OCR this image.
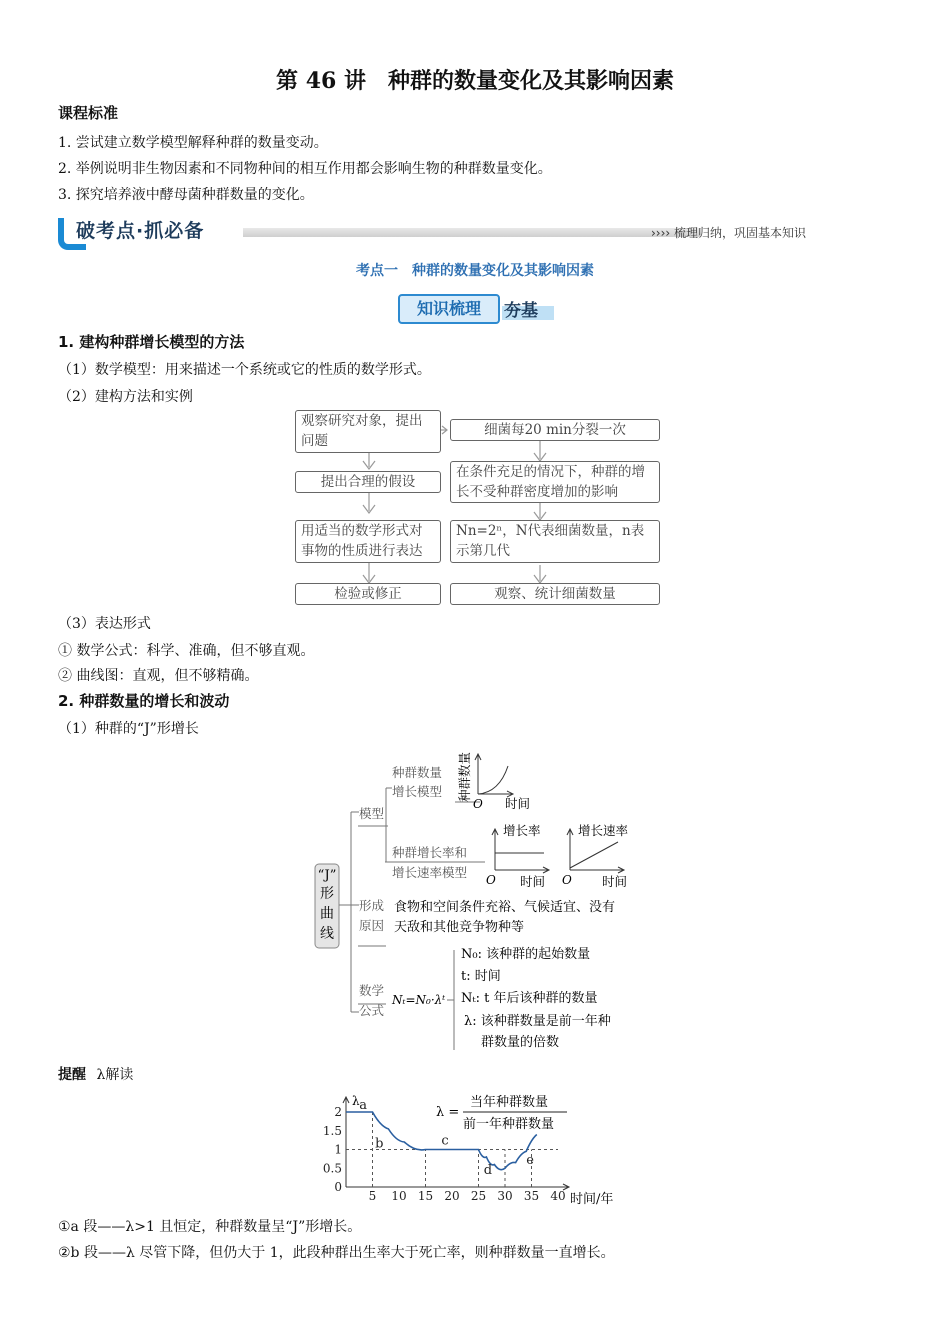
第 46 讲　种群的数量变化及其影响因素
课程标准
1. 尝试建立数学模型解释种群的数量变动。
2. 举例说明非生物因素和不同物种间的相互作用都会影响生物的种群数量变化。
3. 探究培养液中酵母菌种群数量的变化。
破考点·抓必备	›››› 梳理归纳，巩固基本知识
考点一　种群的数量变化及其影响因素
知识梳理	夯基
1. 建构种群增长模型的方法
（1）数学模型：用来描述一个系统或它的性质的数学形式。
（2）建构方法和实例
观察研究对象，提出问题
提出合理的假设
用适当的数学形式对事物的性质进行表达
检验或修正
细菌每20 min分裂一次
在条件充足的情况下，种群的增长不受种群密度增加的影响
Nn=2ⁿ，N代表细菌数量，n表示第几代
观察、统计细菌数量
（3）表达形式
① 数学公式：科学、准确，但不够直观。
② 曲线图：直观，但不够精确。
2. 种群数量的增长和波动
（1）种群的“J”形增长
“J”
形
曲
线
模型
种群数量
增长模型
种群增长率和
增长速率模型
种群数量
O 时间
增长率
O 时间
增长速率
O 时间
形成
原因
食物和空间条件充裕、气候适宜、没有
天敌和其他竞争物种等
数学
公式
Nₜ=N₀·λᵗ
N₀: 该种群的起始数量
t: 时间
Nₜ: t 年后该种群的数量
λ: 该种群数量是前一年种
群数量的倍数
提醒 λ解读
5 10 15 20 25 30 35 40
0
0.5
1
1.5
2 a
b	c
d
e
λ
时间/年
λ =
当年种群数量
前一年种群数量
①a 段——λ>1 且恒定，种群数量呈“J”形增长。
②b 段——λ 尽管下降，但仍大于 1，此段种群出生率大于死亡率，则种群数量一直增长。
